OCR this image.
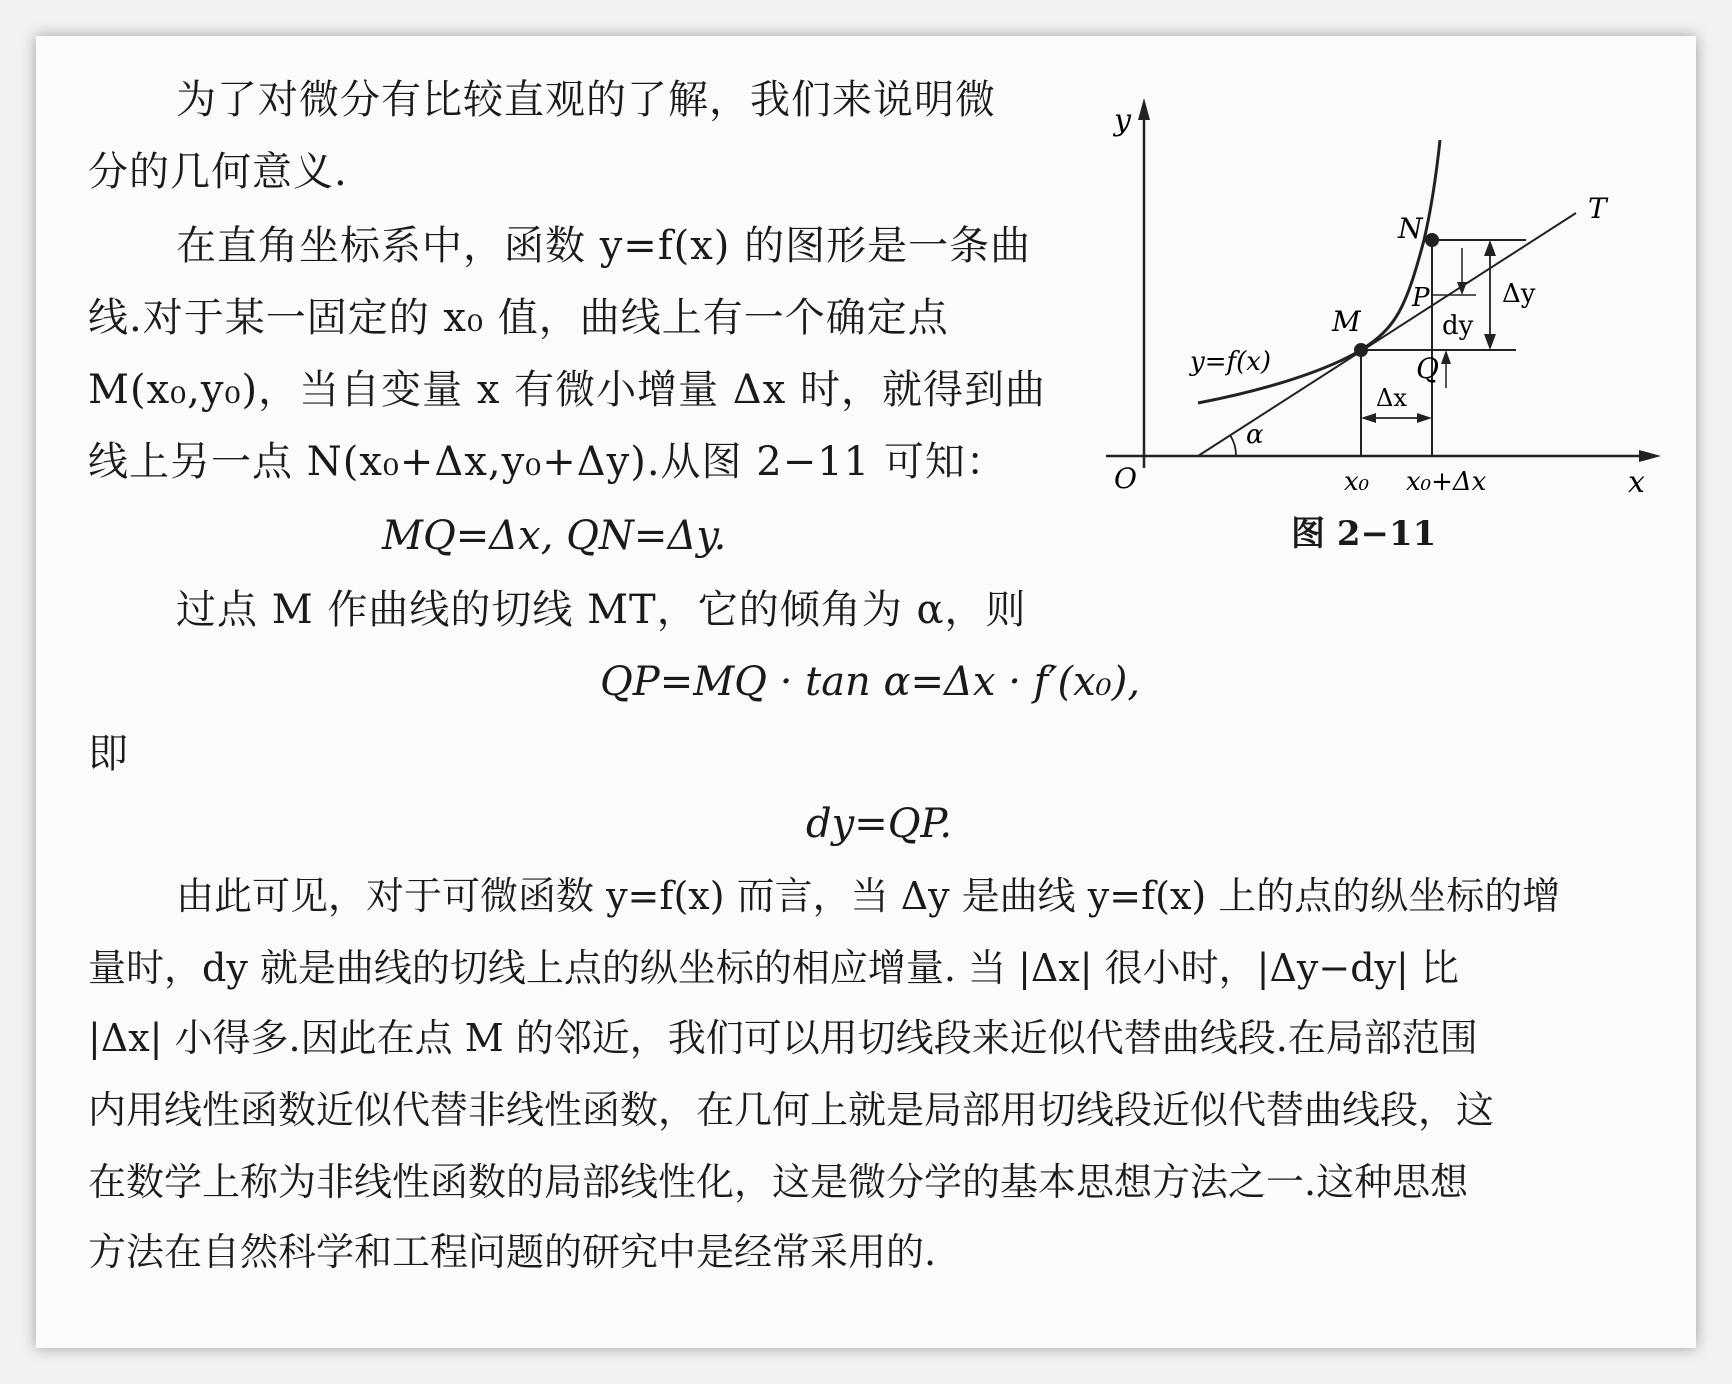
为了对微分有比较直观的了解，我们来说明微
分的几何意义.
在直角坐标系中，函数 y=f(x) 的图形是一条曲
线.对于某一固定的 x₀ 值，曲线上有一个确定点
M(x₀,y₀)，当自变量 x 有微小增量 Δx 时，就得到曲
线上另一点 N(x₀+Δx,y₀+Δy).从图 2−11 可知：
MQ=Δx, QN=Δy.
过点 M 作曲线的切线 MT，它的倾角为 α，则
QP=MQ · tan α=Δx · f′(x₀),
即
dy=QP.
由此可见，对于可微函数 y=f(x) 而言，当 Δy 是曲线 y=f(x) 上的点的纵坐标的增
量时，dy 就是曲线的切线上点的纵坐标的相应增量. 当 |Δx| 很小时，|Δy−dy| 比
|Δx| 小得多.因此在点 M 的邻近，我们可以用切线段来近似代替曲线段.在局部范围
内用线性函数近似代替非线性函数，在几何上就是局部用切线段近似代替曲线段，这
在数学上称为非线性函数的局部线性化，这是微分学的基本思想方法之一.这种思想
方法在自然科学和工程问题的研究中是经常采用的.
y
x
O
T
N
P
M
Q
y=f(x)
dy
Δy
Δx
α
x₀ x₀+Δx
图 2−11
